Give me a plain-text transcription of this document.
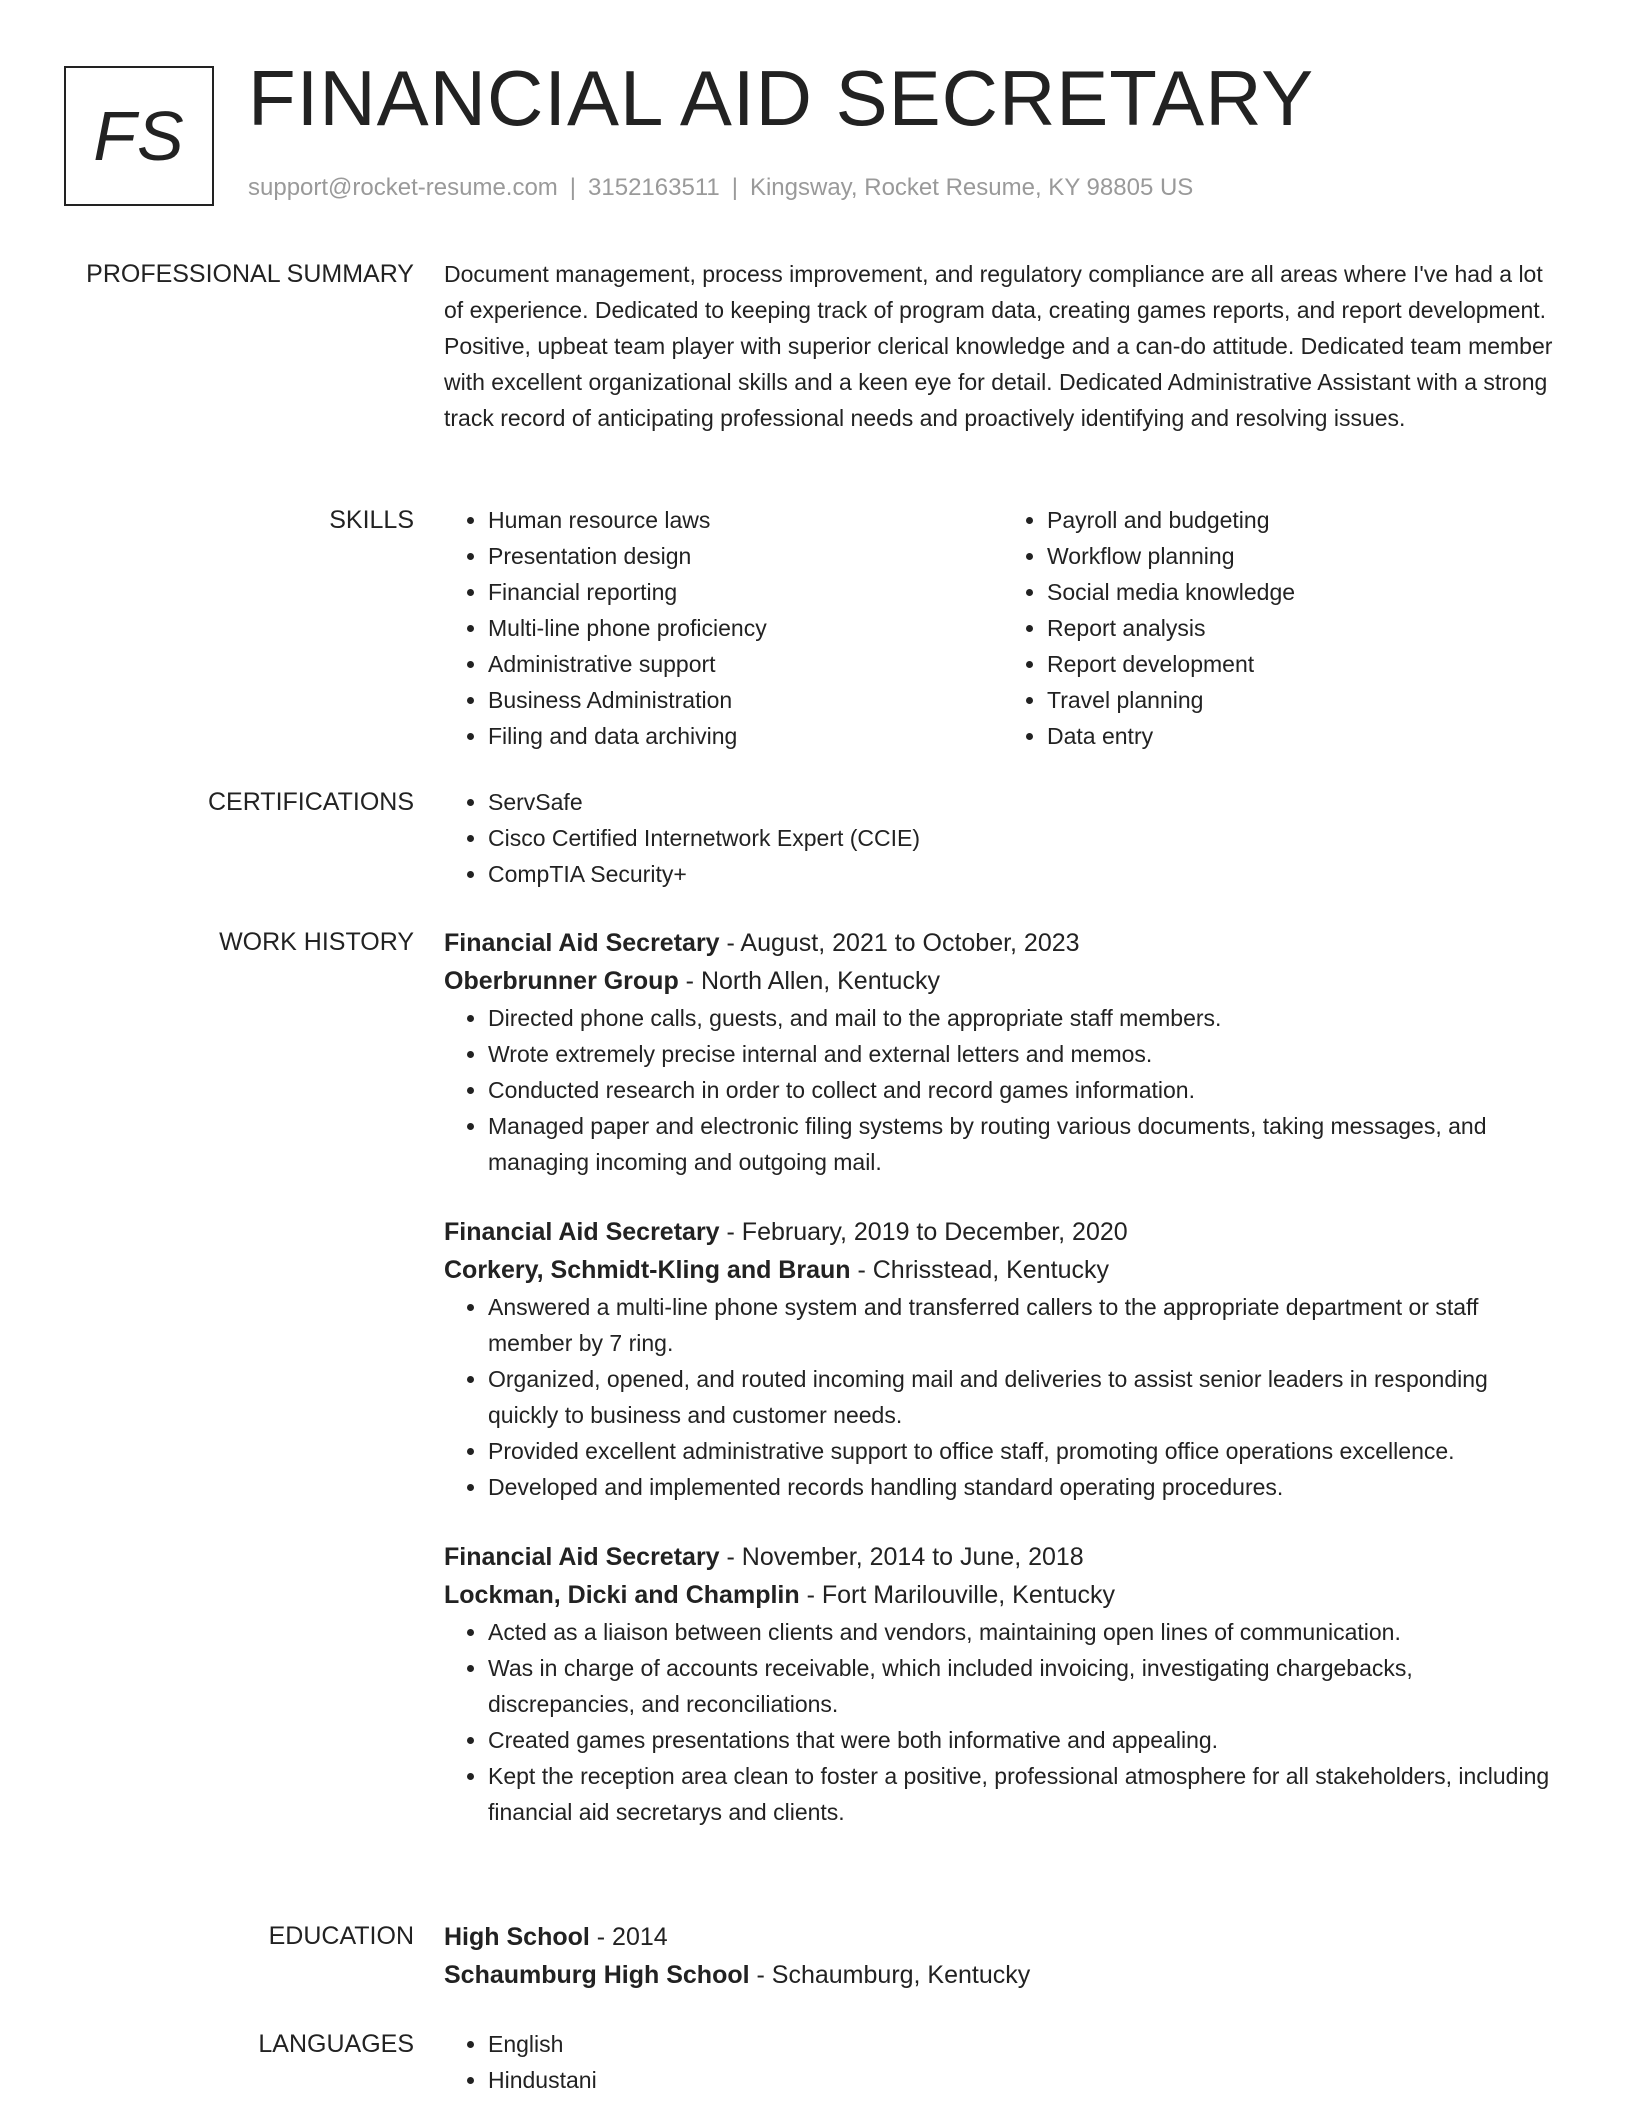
FS FINANCIAL AID SECRETARY
support@rocket-resume.com | 3152163511 | Kingsway, Rocket Resume, KY 98805 US
PROFESSIONAL SUMMARY Document management, process improvement, and regulatory compliance are all areas where I've had a lot of experience. Dedicated to keeping track of program data, creating games reports, and report development. Positive, upbeat team player with superior clerical knowledge and a can-do attitude. Dedicated team member with excellent organizational skills and a keen eye for detail. Dedicated Administrative Assistant with a strong track record of anticipating professional needs and proactively identifying and resolving issues.

SKILLS	• Human resource laws
• Presentation design
• Financial reporting
• Multi-line phone proficiency
• Administrative support
• Business Administration
• Filing and data archiving
• Payroll and budgeting
• Workflow planning
• Social media knowledge
• Report analysis
• Report development
• Travel planning
• Data entry
CERTIFICATIONS	• ServSafe
• Cisco Certified Internetwork Expert (CCIE)
• CompTIA Security+
WORK HISTORY Financial Aid Secretary - August, 2021 to October, 2023
Oberbrunner Group - North Allen, Kentucky
• Directed phone calls, guests, and mail to the appropriate staff members.
• Wrote extremely precise internal and external letters and memos.
• Conducted research in order to collect and record games information.
• Managed paper and electronic filing systems by routing various documents, taking messages, and managing incoming and outgoing mail.
Financial Aid Secretary - February, 2019 to December, 2020
Corkery, Schmidt-Kling and Braun - Chrisstead, Kentucky
• Answered a multi-line phone system and transferred callers to the appropriate department or staff member by 7 ring.
• Organized, opened, and routed incoming mail and deliveries to assist senior leaders in responding quickly to business and customer needs.
• Provided excellent administrative support to office staff, promoting office operations excellence.
• Developed and implemented records handling standard operating procedures.
Financial Aid Secretary - November, 2014 to June, 2018
Lockman, Dicki and Champlin - Fort Marilouville, Kentucky
• Acted as a liaison between clients and vendors, maintaining open lines of communication.
• Was in charge of accounts receivable, which included invoicing, investigating chargebacks, discrepancies, and reconciliations.
• Created games presentations that were both informative and appealing.
• Kept the reception area clean to foster a positive, professional atmosphere for all stakeholders, including financial aid secretarys and clients.
EDUCATION High School - 2014
Schaumburg High School - Schaumburg, Kentucky
LANGUAGES	• English
• Hindustani
